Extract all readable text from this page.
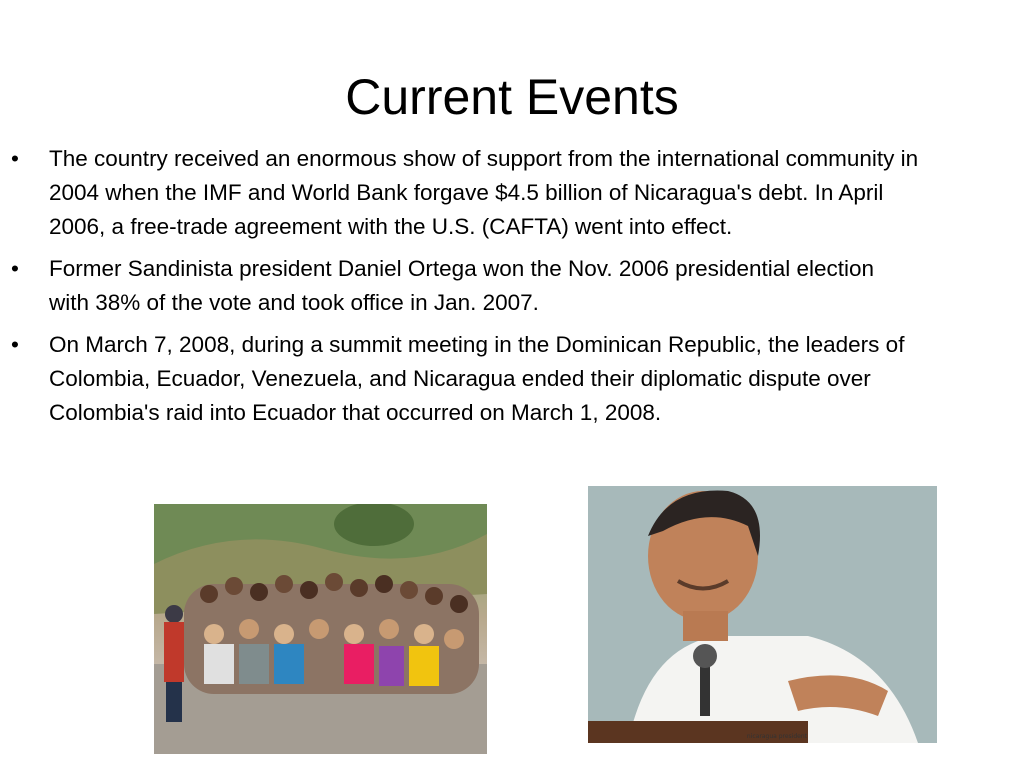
Current Events
• The country received an enormous show of support from the international community in 2004 when the IMF and World Bank forgave $4.5 billion of Nicaragua's debt. In April 2006, a free-trade agreement with the U.S. (CAFTA) went into effect.
• Former Sandinista president Daniel Ortega won the Nov. 2006 presidential election with 38% of the vote and took office in Jan. 2007.
• On March 7, 2008, during a summit meeting in the Dominican Republic, the leaders of Colombia, Ecuador, Venezuela, and Nicaragua ended their diplomatic dispute over Colombia's raid into Ecuador that occurred on March 1, 2008.
nicaragua president
